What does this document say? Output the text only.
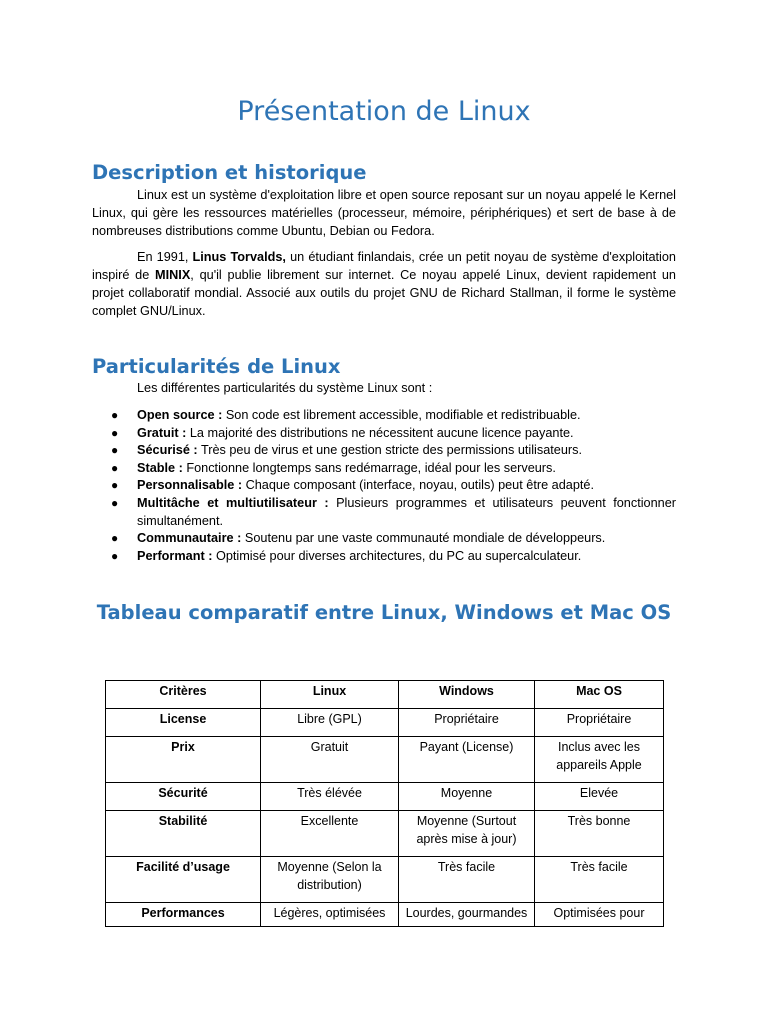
Présentation de Linux
Description et historique

Linux est un système d'exploitation libre et open source reposant sur un noyau appelé le Kernel Linux, qui gère les ressources matérielles (processeur, mémoire, périphériques) et sert de base à de nombreuses distributions comme Ubuntu, Debian ou Fedora.

En 1991, Linus Torvalds, un étudiant finlandais, crée un petit noyau de système d'exploitation inspiré de MINIX, qu'il publie librement sur internet. Ce noyau appelé Linux, devient rapidement un projet collaboratif mondial. Associé aux outils du projet GNU de Richard Stallman, il forme le système complet GNU/Linux.

Particularités de Linux

Les différentes particularités du système Linux sont :

● Open source : Son code est librement accessible, modifiable et redistribuable.
● Gratuit : La majorité des distributions ne nécessitent aucune licence payante.
● Sécurisé : Très peu de virus et une gestion stricte des permissions utilisateurs.
● Stable : Fonctionne longtemps sans redémarrage, idéal pour les serveurs.
● Personnalisable : Chaque composant (interface, noyau, outils) peut être adapté.
● Multitâche et multiutilisateur : Plusieurs programmes et utilisateurs peuvent fonctionner simultanément.
● Communautaire : Soutenu par une vaste communauté mondiale de développeurs.
● Performant : Optimisé pour diverses architectures, du PC au supercalculateur.
Tableau comparatif entre Linux, Windows et Mac OS
Critères	Linux	Windows	Mac OS
License	Libre (GPL)	Propriétaire	Propriétaire
Prix	Gratuit	Payant (License)	Inclus avec les appareils Apple
Sécurité	Très élévée	Moyenne	Elevée
Stabilité	Excellente	Moyenne (Surtout après mise à jour)	Très bonne
Facilité d’usage	Moyenne (Selon la distribution)	Très facile	Très facile
Performances	Légères, optimisées	Lourdes, gourmandes	Optimisées pour
